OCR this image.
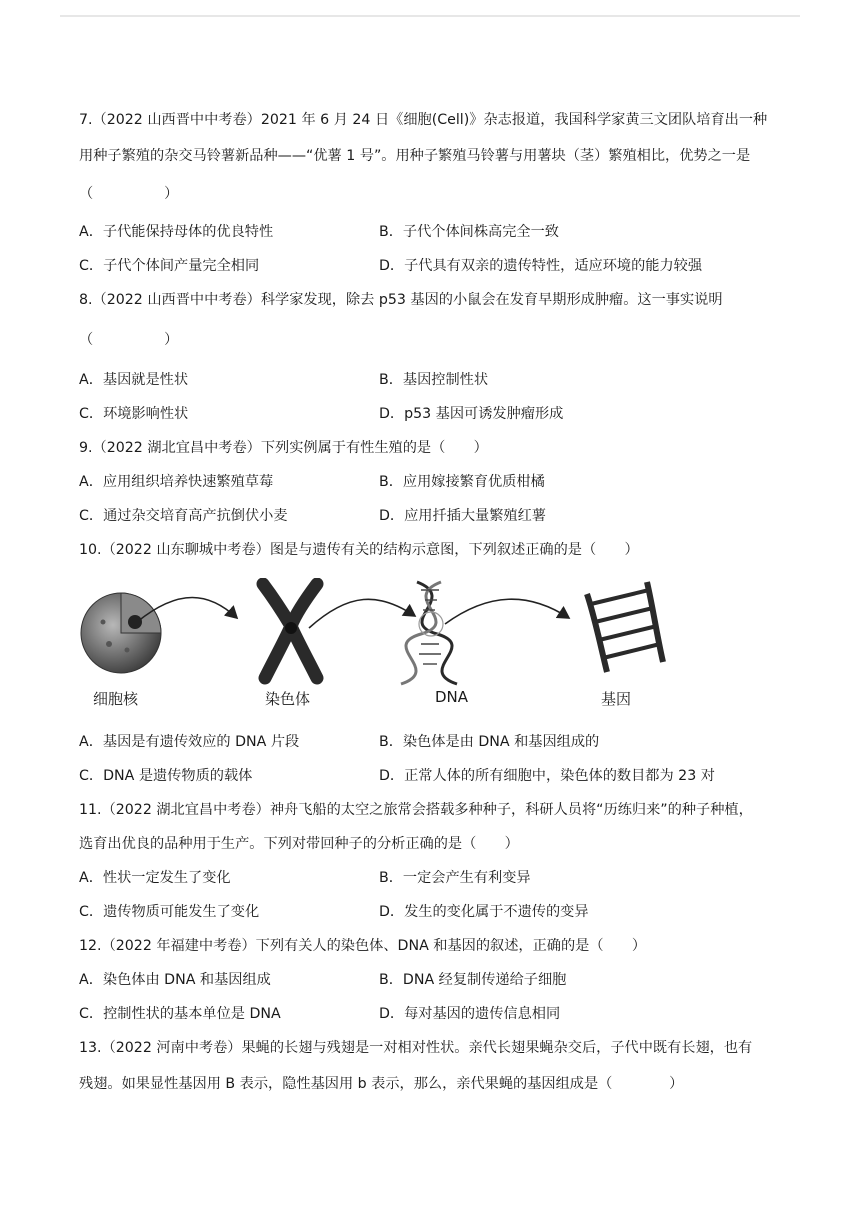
7.（2022 山西晋中中考卷）2021 年 6 月 24 日《细胞(Cell)》杂志报道，我国科学家黄三文团队培育出一种
用种子繁殖的杂交马铃薯新品种——“优薯 1 号”。用种子繁殖马铃薯与用薯块（茎）繁殖相比，优势之一是
（　　　　　）
A．子代能保持母体的优良特性	B．子代个体间株高完全一致
C．子代个体间产量完全相同	D．子代具有双亲的遗传特性，适应环境的能力较强
8.（2022 山西晋中中考卷）科学家发现，除去 p53 基因的小鼠会在发育早期形成肿瘤。这一事实说明
（　　　　　）
A．基因就是性状	B．基因控制性状
C．环境影响性状	D．p53 基因可诱发肿瘤形成
9.（2022 湖北宜昌中考卷）下列实例属于有性生殖的是（　　）
A．应用组织培养快速繁殖草莓	B．应用嫁接繁育优质柑橘
C．通过杂交培育高产抗倒伏小麦	D．应用扦插大量繁殖红薯
10.（2022 山东聊城中考卷）图是与遗传有关的结构示意图，下列叙述正确的是（　　）
细胞核	染色体	DNA	基因
A．基因是有遗传效应的 DNA 片段	B．染色体是由 DNA 和基因组成的
C．DNA 是遗传物质的载体	D．正常人体的所有细胞中，染色体的数目都为 23 对
11.（2022 湖北宜昌中考卷）神舟飞船的太空之旅常会搭载多种种子，科研人员将“历练归来”的种子种植，
选育出优良的品种用于生产。下列对带回种子的分析正确的是（　　）
A．性状一定发生了变化	B．一定会产生有利变异
C．遗传物质可能发生了变化	D．发生的变化属于不遗传的变异
12.（2022 年福建中考卷）下列有关人的染色体、DNA 和基因的叙述，正确的是（　　）
A．染色体由 DNA 和基因组成	B．DNA 经复制传递给子细胞
C．控制性状的基本单位是 DNA	D．每对基因的遗传信息相同
13.（2022 河南中考卷）果蝇的长翅与残翅是一对相对性状。亲代长翅果蝇杂交后，子代中既有长翅，也有
残翅。如果显性基因用 B 表示，隐性基因用 b 表示，那么，亲代果蝇的基因组成是（　　　　）
